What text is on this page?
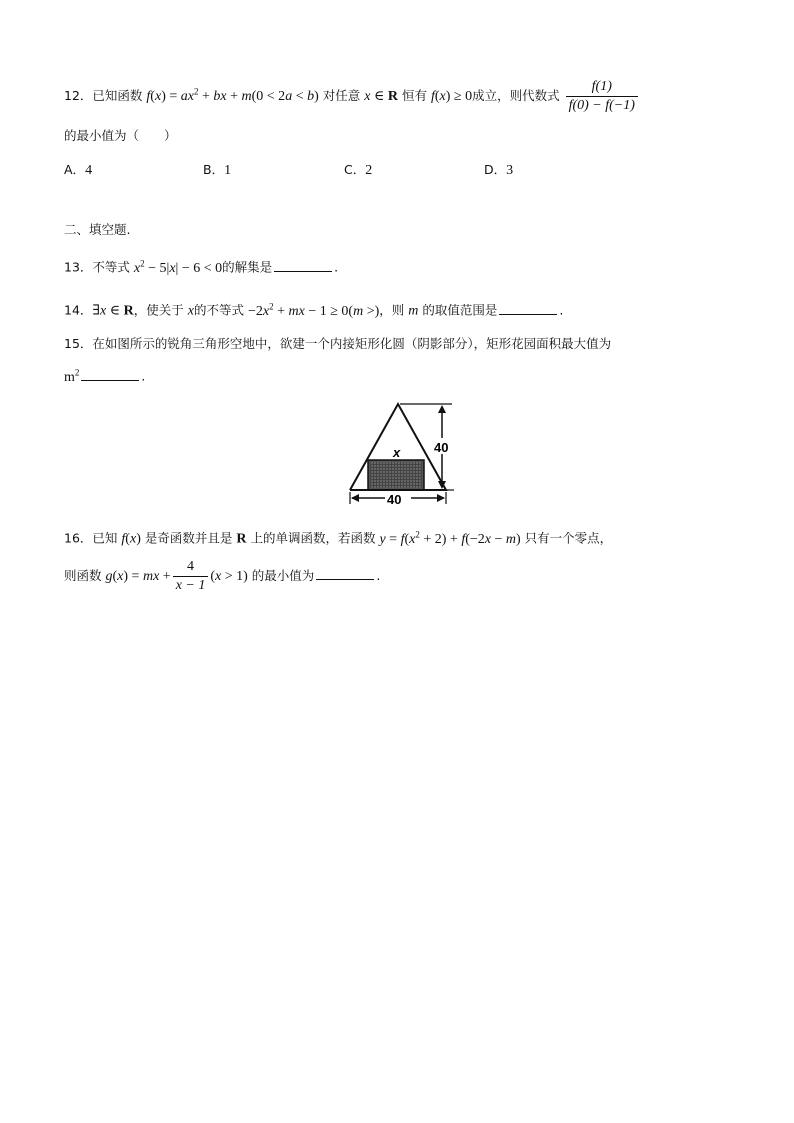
12．已知函数 $f(x) = ax^2$ + bx + m(0 < 2a < b) 对任意 x ∈ R 恒有 f(x) ≥ 0成立，则代数式 $\frac{f(1)}{f(0) - f(-1)}$
的最小值为（　　）
A．4	B．1	C．2	D．3
二、填空题.
13．不等式 $x^2 - 5|x| - 6 < 0$的解集是	.
14．∃x ∈ R，使关于 x的不等式 $-2x^2$ + mx − 1 ≥ 0(m >)，则 m 的取值范围是	.
15．在如图所示的锐角三角形空地中，欲建一个内接矩形化圆（阴影部分），矩形花园面积最大值为
$m^2$	.
x	40
40
16．已知 f(x) 是奇函数并且是 R 上的单调函数，若函数 $y = f(x^2 + 2) + f(-2x - m)$ 只有一个零点，
则函数 g(x) = mx + $\frac{4}{x - 1} (x > 1)$ 的最小值为	.
